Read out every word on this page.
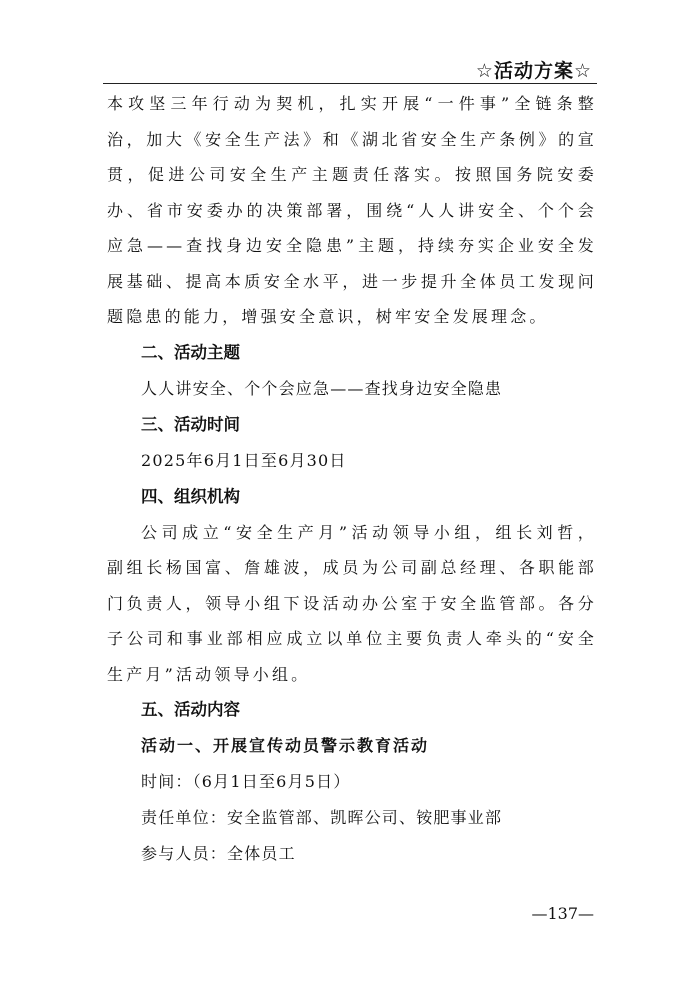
☆活动方案☆

本攻坚三年行动为契机，扎实开展“一件事”全链条整

治，加大《安全生产法》和《湖北省安全生产条例》的宣

贯，促进公司安全生产主题责任落实。按照国务院安委

办、省市安委办的决策部署，围绕“人人讲安全、个个会

应急——查找身边安全隐患”主题，持续夯实企业安全发

展基础、提高本质安全水平，进一步提升全体员工发现问

题隐患的能力，增强安全意识，树牢安全发展理念。

二、活动主题

人人讲安全、个个会应急——查找身边安全隐患

三、活动时间

2025年6月1日至6月30日

四、组织机构

公司成立“安全生产月”活动领导小组，组长刘哲，

副组长杨国富、詹雄波，成员为公司副总经理、各职能部

门负责人，领导小组下设活动办公室于安全监管部。各分

子公司和事业部相应成立以单位主要负责人牵头的“安全

生产月”活动领导小组。

五、活动内容

活动一、开展宣传动员警示教育活动

时间：（6月1日至6月5日）

责任单位：安全监管部、凯晖公司、铵肥事业部

参与人员：全体员工

—137—
